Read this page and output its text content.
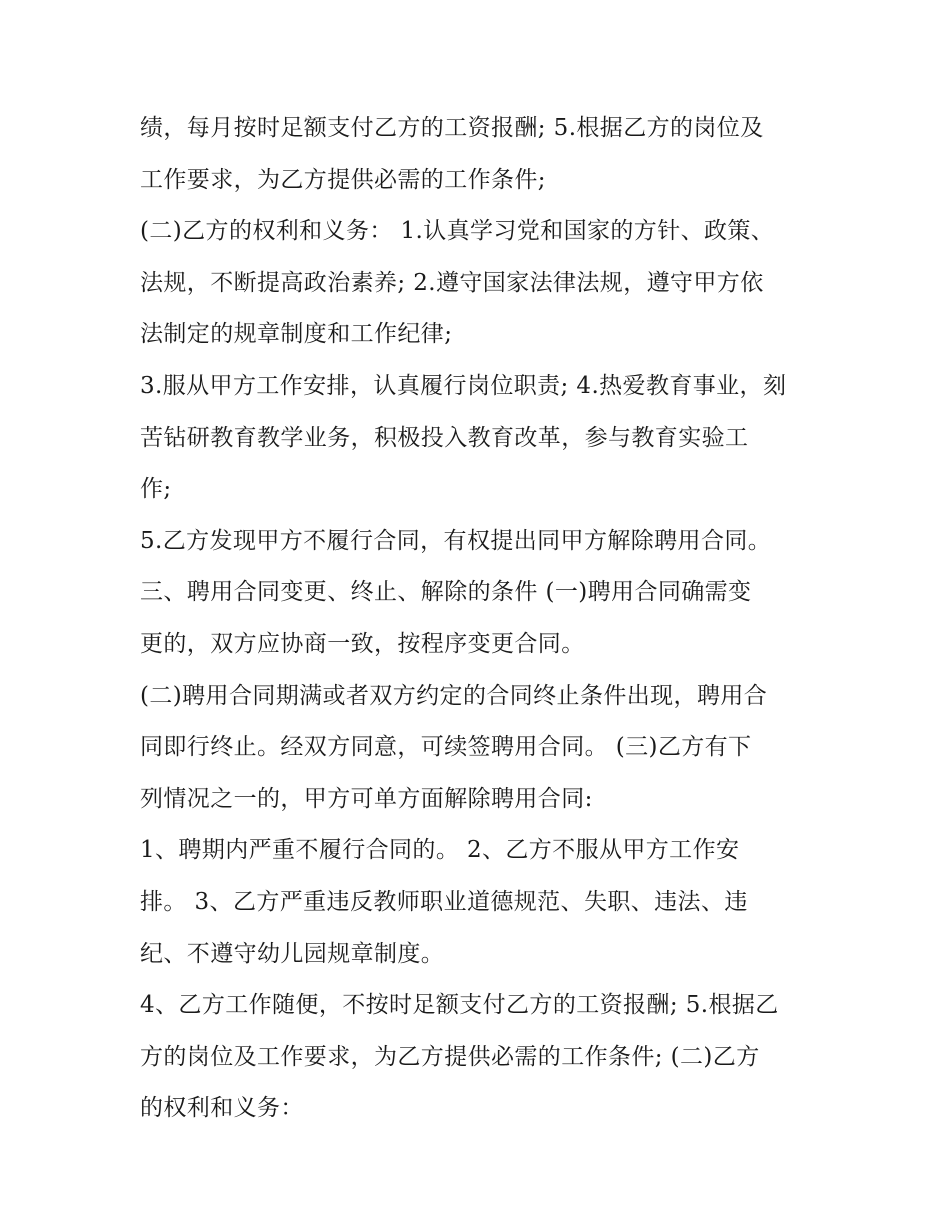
绩，每月按时足额支付乙方的工资报酬; 5.根据乙方的岗位及
工作要求，为乙方提供必需的工作条件;
(二)乙方的权利和义务： 1.认真学习党和国家的方针、政策、
法规，不断提高政治素养; 2.遵守国家法律法规，遵守甲方依
法制定的规章制度和工作纪律;
3.服从甲方工作安排，认真履行岗位职责; 4.热爱教育事业，刻
苦钻研教育教学业务，积极投入教育改革，参与教育实验工
作;
5.乙方发现甲方不履行合同，有权提出同甲方解除聘用合同。
三、聘用合同变更、终止、解除的条件 (一)聘用合同确需变
更的，双方应协商一致，按程序变更合同。
(二)聘用合同期满或者双方约定的合同终止条件出现，聘用合
同即行终止。经双方同意，可续签聘用合同。 (三)乙方有下
列情况之一的，甲方可单方面解除聘用合同:
1、聘期内严重不履行合同的。 2、乙方不服从甲方工作安
排。 3、乙方严重违反教师职业道德规范、失职、违法、违
纪、不遵守幼儿园规章制度。
4、乙方工作随便，不按时足额支付乙方的工资报酬; 5.根据乙
方的岗位及工作要求，为乙方提供必需的工作条件; (二)乙方
的权利和义务：
